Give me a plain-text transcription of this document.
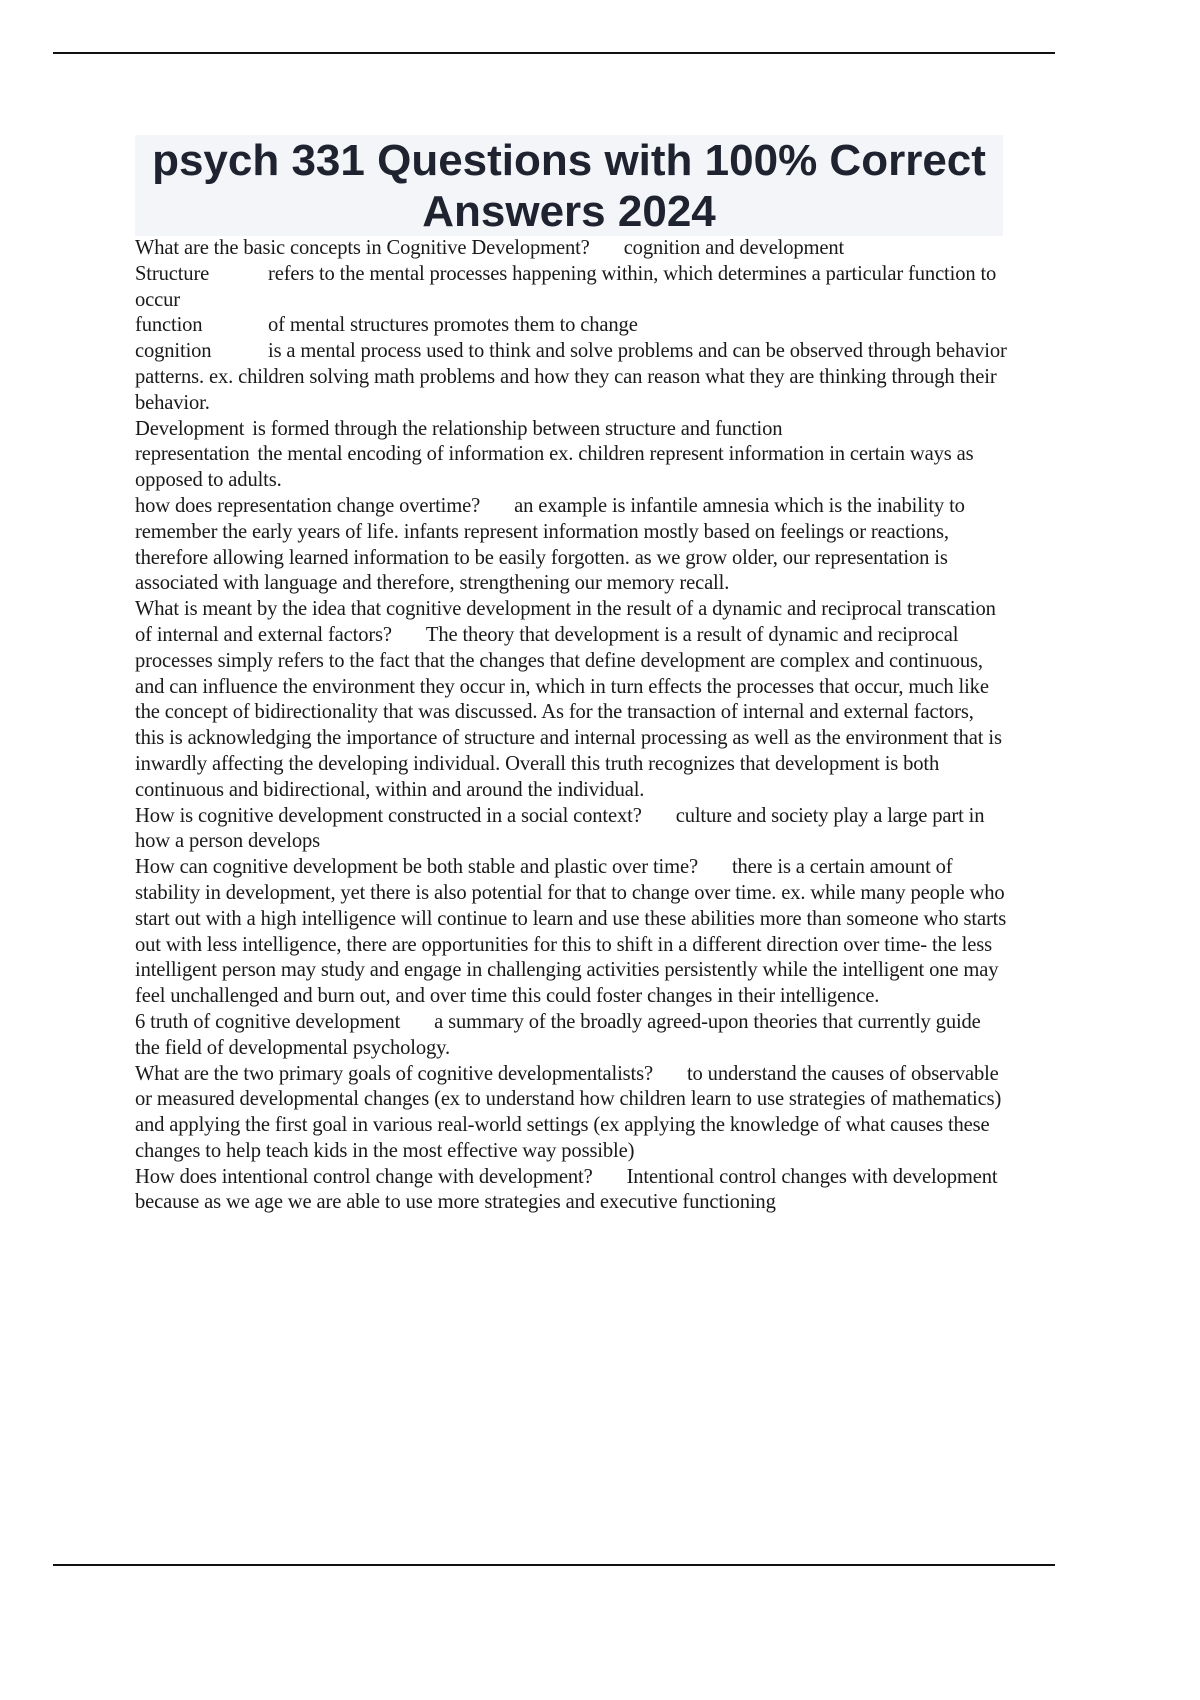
psych 331 Questions with 100% Correct Answers 2024

What are the basic concepts in Cognitive Development? cognition and development

Structure	refers to the mental processes happening within, which determines a particular function to occur

function	of mental structures promotes them to change

cognition	is a mental process used to think and solve problems and can be observed through behavior patterns. ex. children solving math problems and how they can reason what they are thinking through their behavior.

Development is formed through the relationship between structure and function

representation the mental encoding of information ex. children represent information in certain ways as opposed to adults.

how does representation change overtime? an example is infantile amnesia which is the inability to remember the early years of life. infants represent information mostly based on feelings or reactions, therefore allowing learned information to be easily forgotten. as we grow older, our representation is associated with language and therefore, strengthening our memory recall.

What is meant by the idea that cognitive development in the result of a dynamic and reciprocal transcation of internal and external factors? The theory that development is a result of dynamic and reciprocal processes simply refers to the fact that the changes that define development are complex and continuous, and can influence the environment they occur in, which in turn effects the processes that occur, much like the concept of bidirectionality that was discussed. As for the transaction of internal and external factors, this is acknowledging the importance of structure and internal processing as well as the environment that is inwardly affecting the developing individual. Overall this truth recognizes that development is both continuous and bidirectional, within and around the individual.

How is cognitive development constructed in a social context? culture and society play a large part in how a person develops

How can cognitive development be both stable and plastic over time? there is a certain amount of stability in development, yet there is also potential for that to change over time. ex. while many people who start out with a high intelligence will continue to learn and use these abilities more than someone who starts out with less intelligence, there are opportunities for this to shift in a different direction over time- the less intelligent person may study and engage in challenging activities persistently while the intelligent one may feel unchallenged and burn out, and over time this could foster changes in their intelligence.

6 truth of cognitive development a summary of the broadly agreed-upon theories that currently guide the field of developmental psychology.

What are the two primary goals of cognitive developmentalists? to understand the causes of observable or measured developmental changes (ex to understand how children learn to use strategies of mathematics) and applying the first goal in various real-world settings (ex applying the knowledge of what causes these changes to help teach kids in the most effective way possible)

How does intentional control change with development? Intentional control changes with development because as we age we are able to use more strategies and executive functioning
